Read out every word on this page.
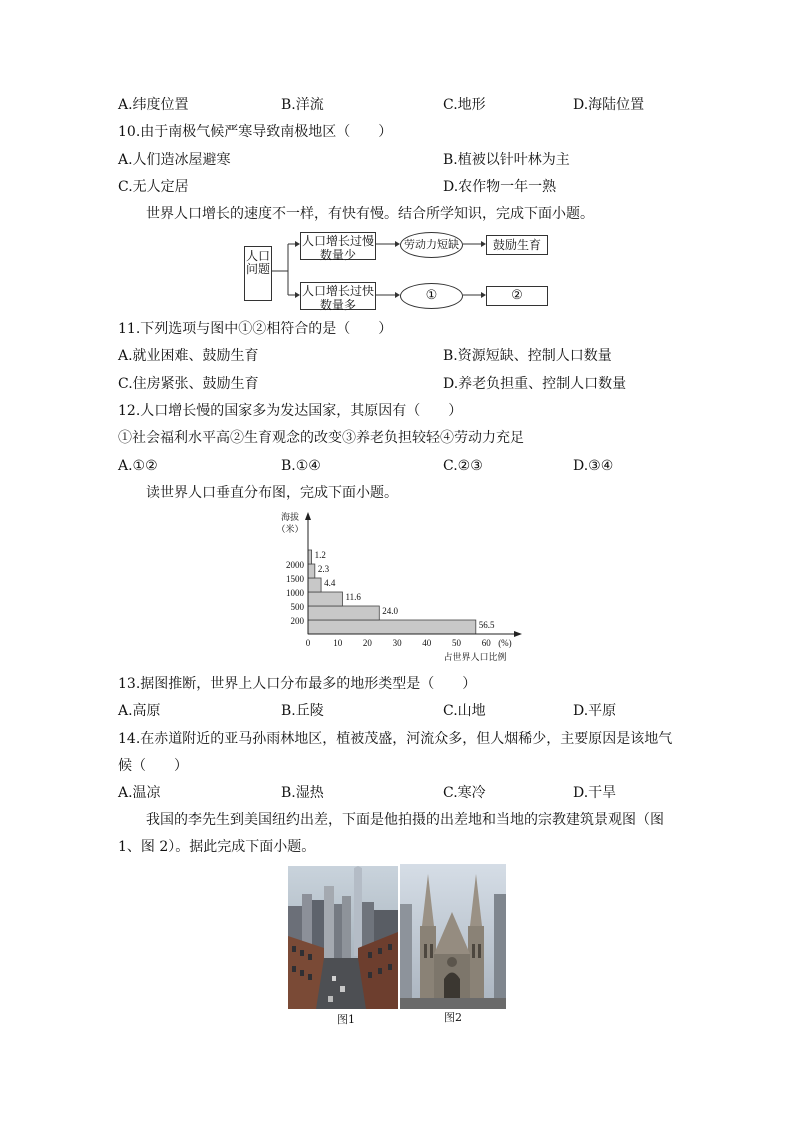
A.纬度位置	B.洋流	C.地形	D.海陆位置
10.由于南极气候严寒导致南极地区（　　）
A.人们造冰屋避寒	B.植被以针叶林为主
C.无人定居	D.农作物一年一熟
世界人口增长的速度不一样，有快有慢。结合所学知识，完成下面小题。
人口问题
人口增长过慢
数量少
劳动力短缺	鼓励生育
人口增长过快
数量多
①	②
11.下列选项与图中①②相符合的是（　　）
A.就业困难、鼓励生育	B.资源短缺、控制人口数量
C.住房紧张、鼓励生育	D.养老负担重、控制人口数量
12.人口增长慢的国家多为发达国家，其原因有（　　）
①社会福利水平高②生育观念的改变③养老负担较轻④劳动力充足
A.①②	B.①④	C.②③	D.③④
读世界人口垂直分布图，完成下面小题。
56.5
24.0
11.6
4.4
2.3
1.2
200
500
1000
1500
2000
0	10 20 30 40 50 60 (%)
海拔
（米）
占世界人口比例
13.据图推断，世界上人口分布最多的地形类型是（　　）
A.高原	B.丘陵	C.山地	D.平原
14.在赤道附近的亚马孙雨林地区，植被茂盛，河流众多，但人烟稀少，主要原因是该地气
候（　　）
A.温凉	B.湿热	C.寒冷	D.干旱
我国的李先生到美国纽约出差，下面是他拍摄的出差地和当地的宗教建筑景观图（图
1、图 2）。据此完成下面小题。
图1	图2
